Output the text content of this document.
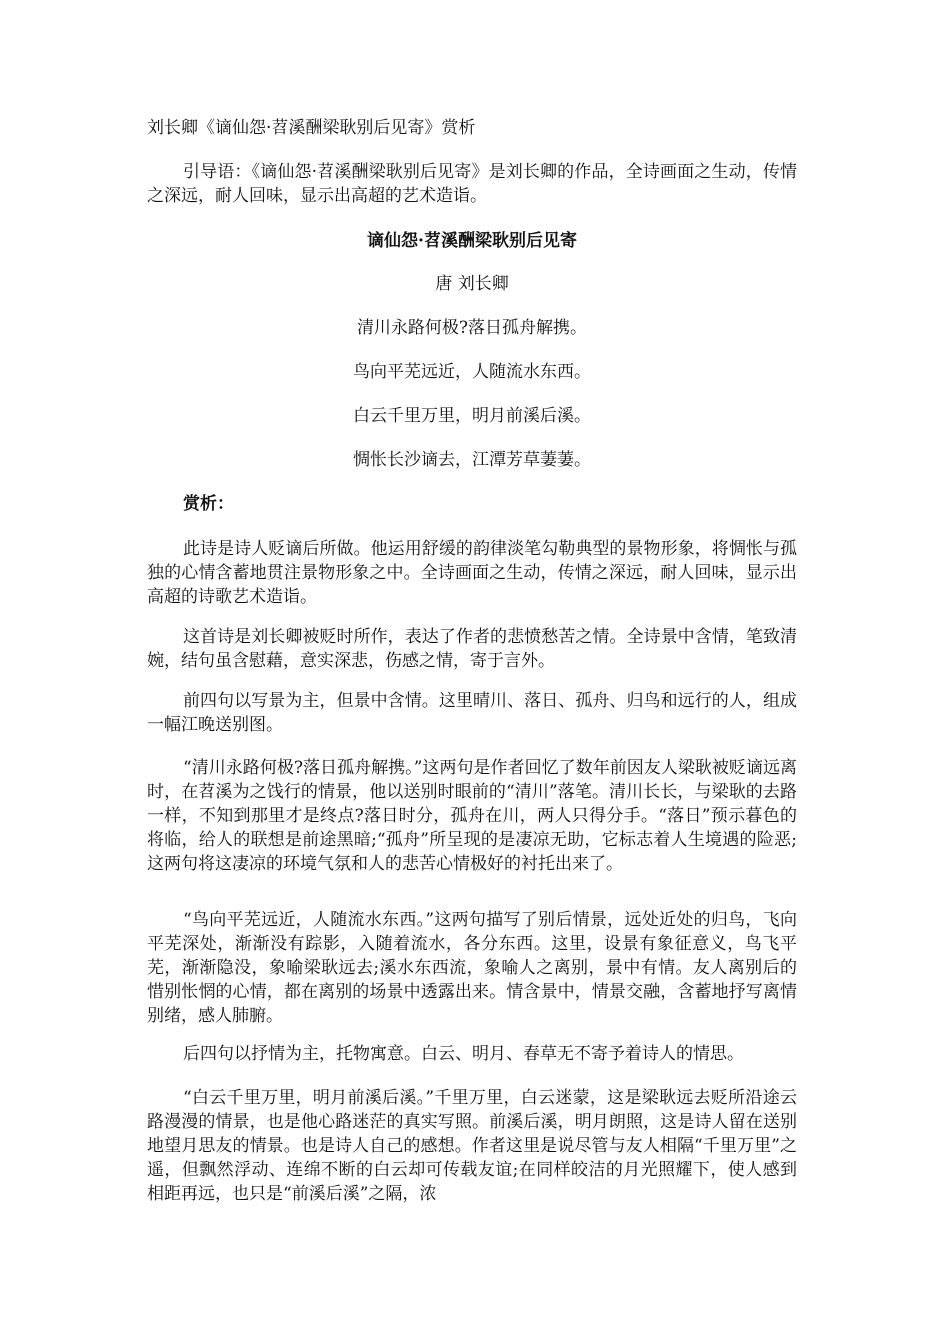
刘长卿《谪仙怨·苕溪酬梁耿别后见寄》赏析

引导语：《谪仙怨·苕溪酬梁耿别后见寄》是刘长卿的作品，全诗画面之生动，传情之深远，耐人回味，显示出高超的艺术造诣。

谪仙怨·苕溪酬梁耿别后见寄

唐 刘长卿

清川永路何极?落日孤舟解携。

鸟向平芜远近，人随流水东西。

白云千里万里，明月前溪后溪。

惆怅长沙谪去，江潭芳草萋萋。

赏析：

此诗是诗人贬谪后所做。他运用舒缓的韵律淡笔勾勒典型的景物形象，将惆怅与孤独的心情含蓄地贯注景物形象之中。全诗画面之生动，传情之深远，耐人回味，显示出高超的诗歌艺术造诣。

这首诗是刘长卿被贬时所作，表达了作者的悲愤愁苦之情。全诗景中含情，笔致清婉，结句虽含慰藉，意实深悲，伤感之情，寄于言外。

前四句以写景为主，但景中含情。这里晴川、落日、孤舟、归鸟和远行的人，组成一幅江晚送别图。

“清川永路何极?落日孤舟解携。”这两句是作者回忆了数年前因友人梁耿被贬谪远离时，在苕溪为之饯行的情景，他以送别时眼前的“清川”落笔。清川长长，与梁耿的去路一样，不知到那里才是终点?落日时分，孤舟在川，两人只得分手。“落日”预示暮色的将临，给人的联想是前途黑暗;“孤舟”所呈现的是凄凉无助，它标志着人生境遇的险恶;这两句将这凄凉的环境气氛和人的悲苦心情极好的衬托出来了。

“鸟向平芜远近，人随流水东西。”这两句描写了别后情景，远处近处的归鸟，飞向平芜深处，渐渐没有踪影，入随着流水，各分东西。这里，设景有象征意义，鸟飞平芜，渐渐隐没，象喻梁耿远去;溪水东西流，象喻人之离别，景中有情。友人离别后的惜别怅惘的心情，都在离别的场景中透露出来。情含景中，情景交融，含蓄地抒写离情别绪，感人肺腑。

后四句以抒情为主，托物寓意。白云、明月、春草无不寄予着诗人的情思。

“白云千里万里，明月前溪后溪。”千里万里，白云迷蒙，这是梁耿远去贬所沿途云路漫漫的情景，也是他心路迷茫的真实写照。前溪后溪，明月朗照，这是诗人留在送别地望月思友的情景。也是诗人自己的感想。作者这里是说尽管与友人相隔“千里万里”之遥，但飘然浮动、连绵不断的白云却可传载友谊;在同样皎洁的月光照耀下，使人感到相距再远，也只是“前溪后溪”之隔，浓
